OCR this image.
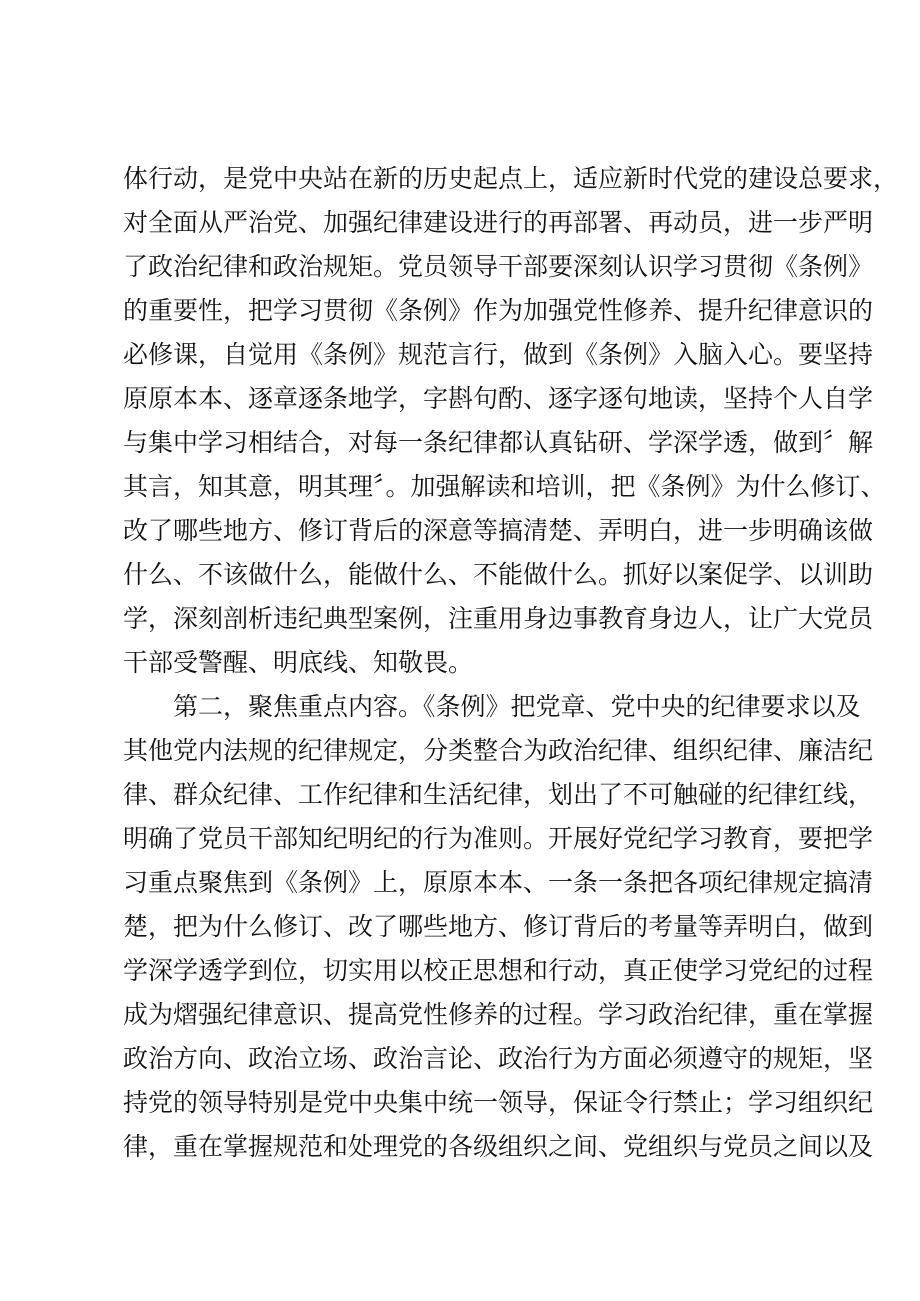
体行动，是党中央站在新的历史起点上，适应新时代党的建设总要求，
对全面从严治党、加强纪律建设进行的再部署、再动员，进一步严明
了政治纪律和政治规矩。党员领导干部要深刻认识学习贯彻《条例》
的重要性，把学习贯彻《条例》作为加强党性修养、提升纪律意识的
必修课，自觉用《条例》规范言行，做到《条例》入脑入心。要坚持
原原本本、逐章逐条地学，字斟句酌、逐字逐句地读，坚持个人自学
与集中学习相结合，对每一条纪律都认真钻研、学深学透，做到〞解
其言，知其意，明其理〞。加强解读和培训，把《条例》为什么修订、
改了哪些地方、修订背后的深意等搞清楚、弄明白，进一步明确该做
什么、不该做什么，能做什么、不能做什么。抓好以案促学、以训助
学，深刻剖析违纪典型案例，注重用身边事教育身边人，让广大党员
干部受警醒、明底线、知敬畏。
第二，聚焦重点内容。《条例》把党章、党中央的纪律要求以及
其他党内法规的纪律规定，分类整合为政治纪律、组织纪律、廉洁纪
律、群众纪律、工作纪律和生活纪律，划出了不可触碰的纪律红线，
明确了党员干部知纪明纪的行为准则。开展好党纪学习教育，要把学
习重点聚焦到《条例》上，原原本本、一条一条把各项纪律规定搞清
楚，把为什么修订、改了哪些地方、修订背后的考量等弄明白，做到
学深学透学到位，切实用以校正思想和行动，真正使学习党纪的过程
成为熠强纪律意识、提高党性修养的过程。学习政治纪律，重在掌握
政治方向、政治立场、政治言论、政治行为方面必须遵守的规矩，坚
持党的领导特别是党中央集中统一领导，保证令行禁止；学习组织纪
律，重在掌握规范和处理党的各级组织之间、党组织与党员之间以及
